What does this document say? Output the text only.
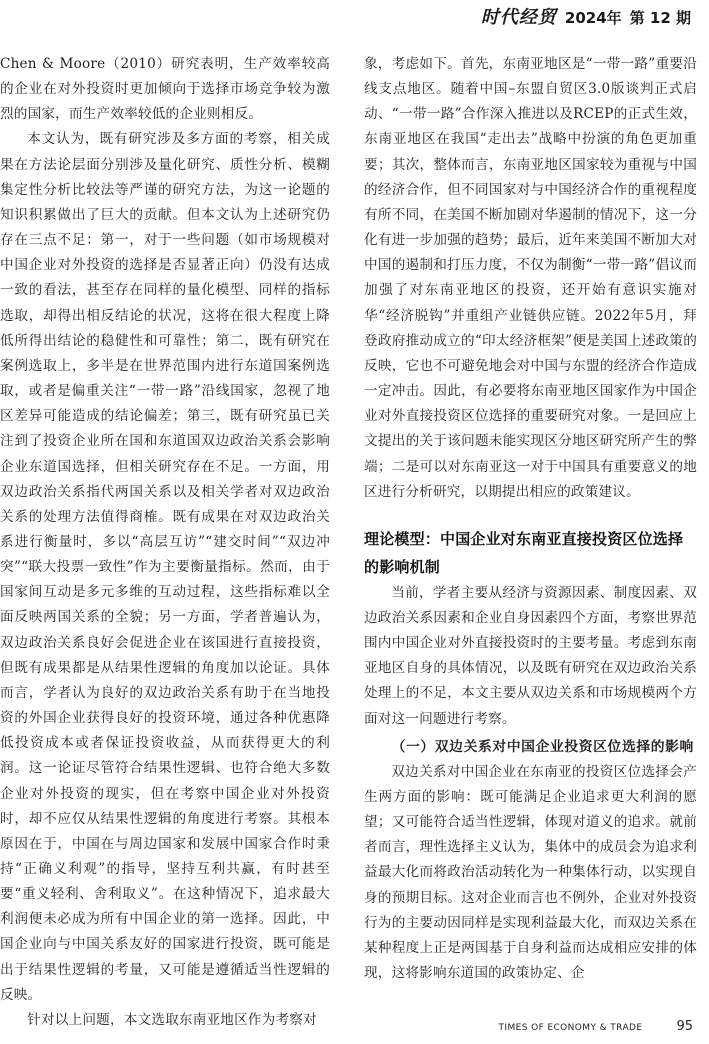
时代经贸 2024年 第 12 期

Chen & Moore（2010）研究表明，生产效率较高的企业在对外投资时更加倾向于选择市场竞争较为激烈的国家，而生产效率较低的企业则相反。

本文认为，既有研究涉及多方面的考察，相关成果在方法论层面分别涉及量化研究、质性分析、模糊集定性分析比较法等严谨的研究方法，为这一论题的知识积累做出了巨大的贡献。但本文认为上述研究仍存在三点不足：第一，对于一些问题（如市场规模对中国企业对外投资的选择是否显著正向）仍没有达成一致的看法，甚至存在同样的量化模型、同样的指标选取，却得出相反结论的状况，这将在很大程度上降低所得出结论的稳健性和可靠性；第二，既有研究在案例选取上，多半是在世界范围内进行东道国案例选取，或者是偏重关注“一带一路”沿线国家，忽视了地区差异可能造成的结论偏差；第三，既有研究虽已关注到了投资企业所在国和东道国双边政治关系会影响企业东道国选择，但相关研究存在不足。一方面，用双边政治关系指代两国关系以及相关学者对双边政治关系的处理方法值得商榷。既有成果在对双边政治关系进行衡量时，多以“高层互访”“建交时间”“双边冲突”“联大投票一致性”作为主要衡量指标。然而，由于国家间互动是多元多维的互动过程，这些指标难以全面反映两国关系的全貌；另一方面，学者普遍认为，双边政治关系良好会促进企业在该国进行直接投资，但既有成果都是从结果性逻辑的角度加以论证。具体而言，学者认为良好的双边政治关系有助于在当地投资的外国企业获得良好的投资环境，通过各种优惠降低投资成本或者保证投资收益，从而获得更大的利润。这一论证尽管符合结果性逻辑、也符合绝大多数企业对外投资的现实，但在考察中国企业对外投资时，却不应仅从结果性逻辑的角度进行考察。其根本原因在于，中国在与周边国家和发展中国家合作时秉持“正确义利观”的指导，坚持互利共赢，有时甚至要“重义轻利、舍利取义”。在这种情况下，追求最大利润便未必成为所有中国企业的第一选择。因此，中国企业向与中国关系友好的国家进行投资，既可能是出于结果性逻辑的考量，又可能是遵循适当性逻辑的反映。

针对以上问题，本文选取东南亚地区作为考察对

象，考虑如下。首先，东南亚地区是“一带一路”重要沿线支点地区。随着中国–东盟自贸区3.0版谈判正式启动、“一带一路”合作深入推进以及RCEP的正式生效，东南亚地区在我国“走出去”战略中扮演的角色更加重要；其次，整体而言，东南亚地区国家较为重视与中国的经济合作，但不同国家对与中国经济合作的重视程度有所不同，在美国不断加剧对华遏制的情况下，这一分化有进一步加强的趋势；最后，近年来美国不断加大对中国的遏制和打压力度，不仅为制衡“一带一路”倡议而加强了对东南亚地区的投资，还开始有意识实施对华“经济脱钩”并重组产业链供应链。2022年5月，拜登政府推动成立的“印太经济框架”便是美国上述政策的反映，它也不可避免地会对中国与东盟的经济合作造成一定冲击。因此，有必要将东南亚地区国家作为中国企业对外直接投资区位选择的重要研究对象。一是回应上文提出的关于该问题未能实现区分地区研究所产生的弊端；二是可以对东南亚这一对于中国具有重要意义的地区进行分析研究，以期提出相应的政策建议。

理论模型：中国企业对东南亚直接投资区位选择的影响机制

当前，学者主要从经济与资源因素、制度因素、双边政治关系因素和企业自身因素四个方面，考察世界范围内中国企业对外直接投资时的主要考量。考虑到东南亚地区自身的具体情况，以及既有研究在双边政治关系处理上的不足，本文主要从双边关系和市场规模两个方面对这一问题进行考察。

（一）双边关系对中国企业投资区位选择的影响

双边关系对中国企业在东南亚的投资区位选择会产生两方面的影响：既可能满足企业追求更大利润的愿望；又可能符合适当性逻辑，体现对道义的追求。就前者而言，理性选择主义认为，集体中的成员会为追求利益最大化而将政治活动转化为一种集体行动，以实现自身的预期目标。这对企业而言也不例外，企业对外投资行为的主要动因同样是实现利益最大化，而双边关系在某种程度上正是两国基于自身利益而达成相应安排的体现，这将影响东道国的政策协定、企

TIMES OF ECONOMY & TRADE	95
